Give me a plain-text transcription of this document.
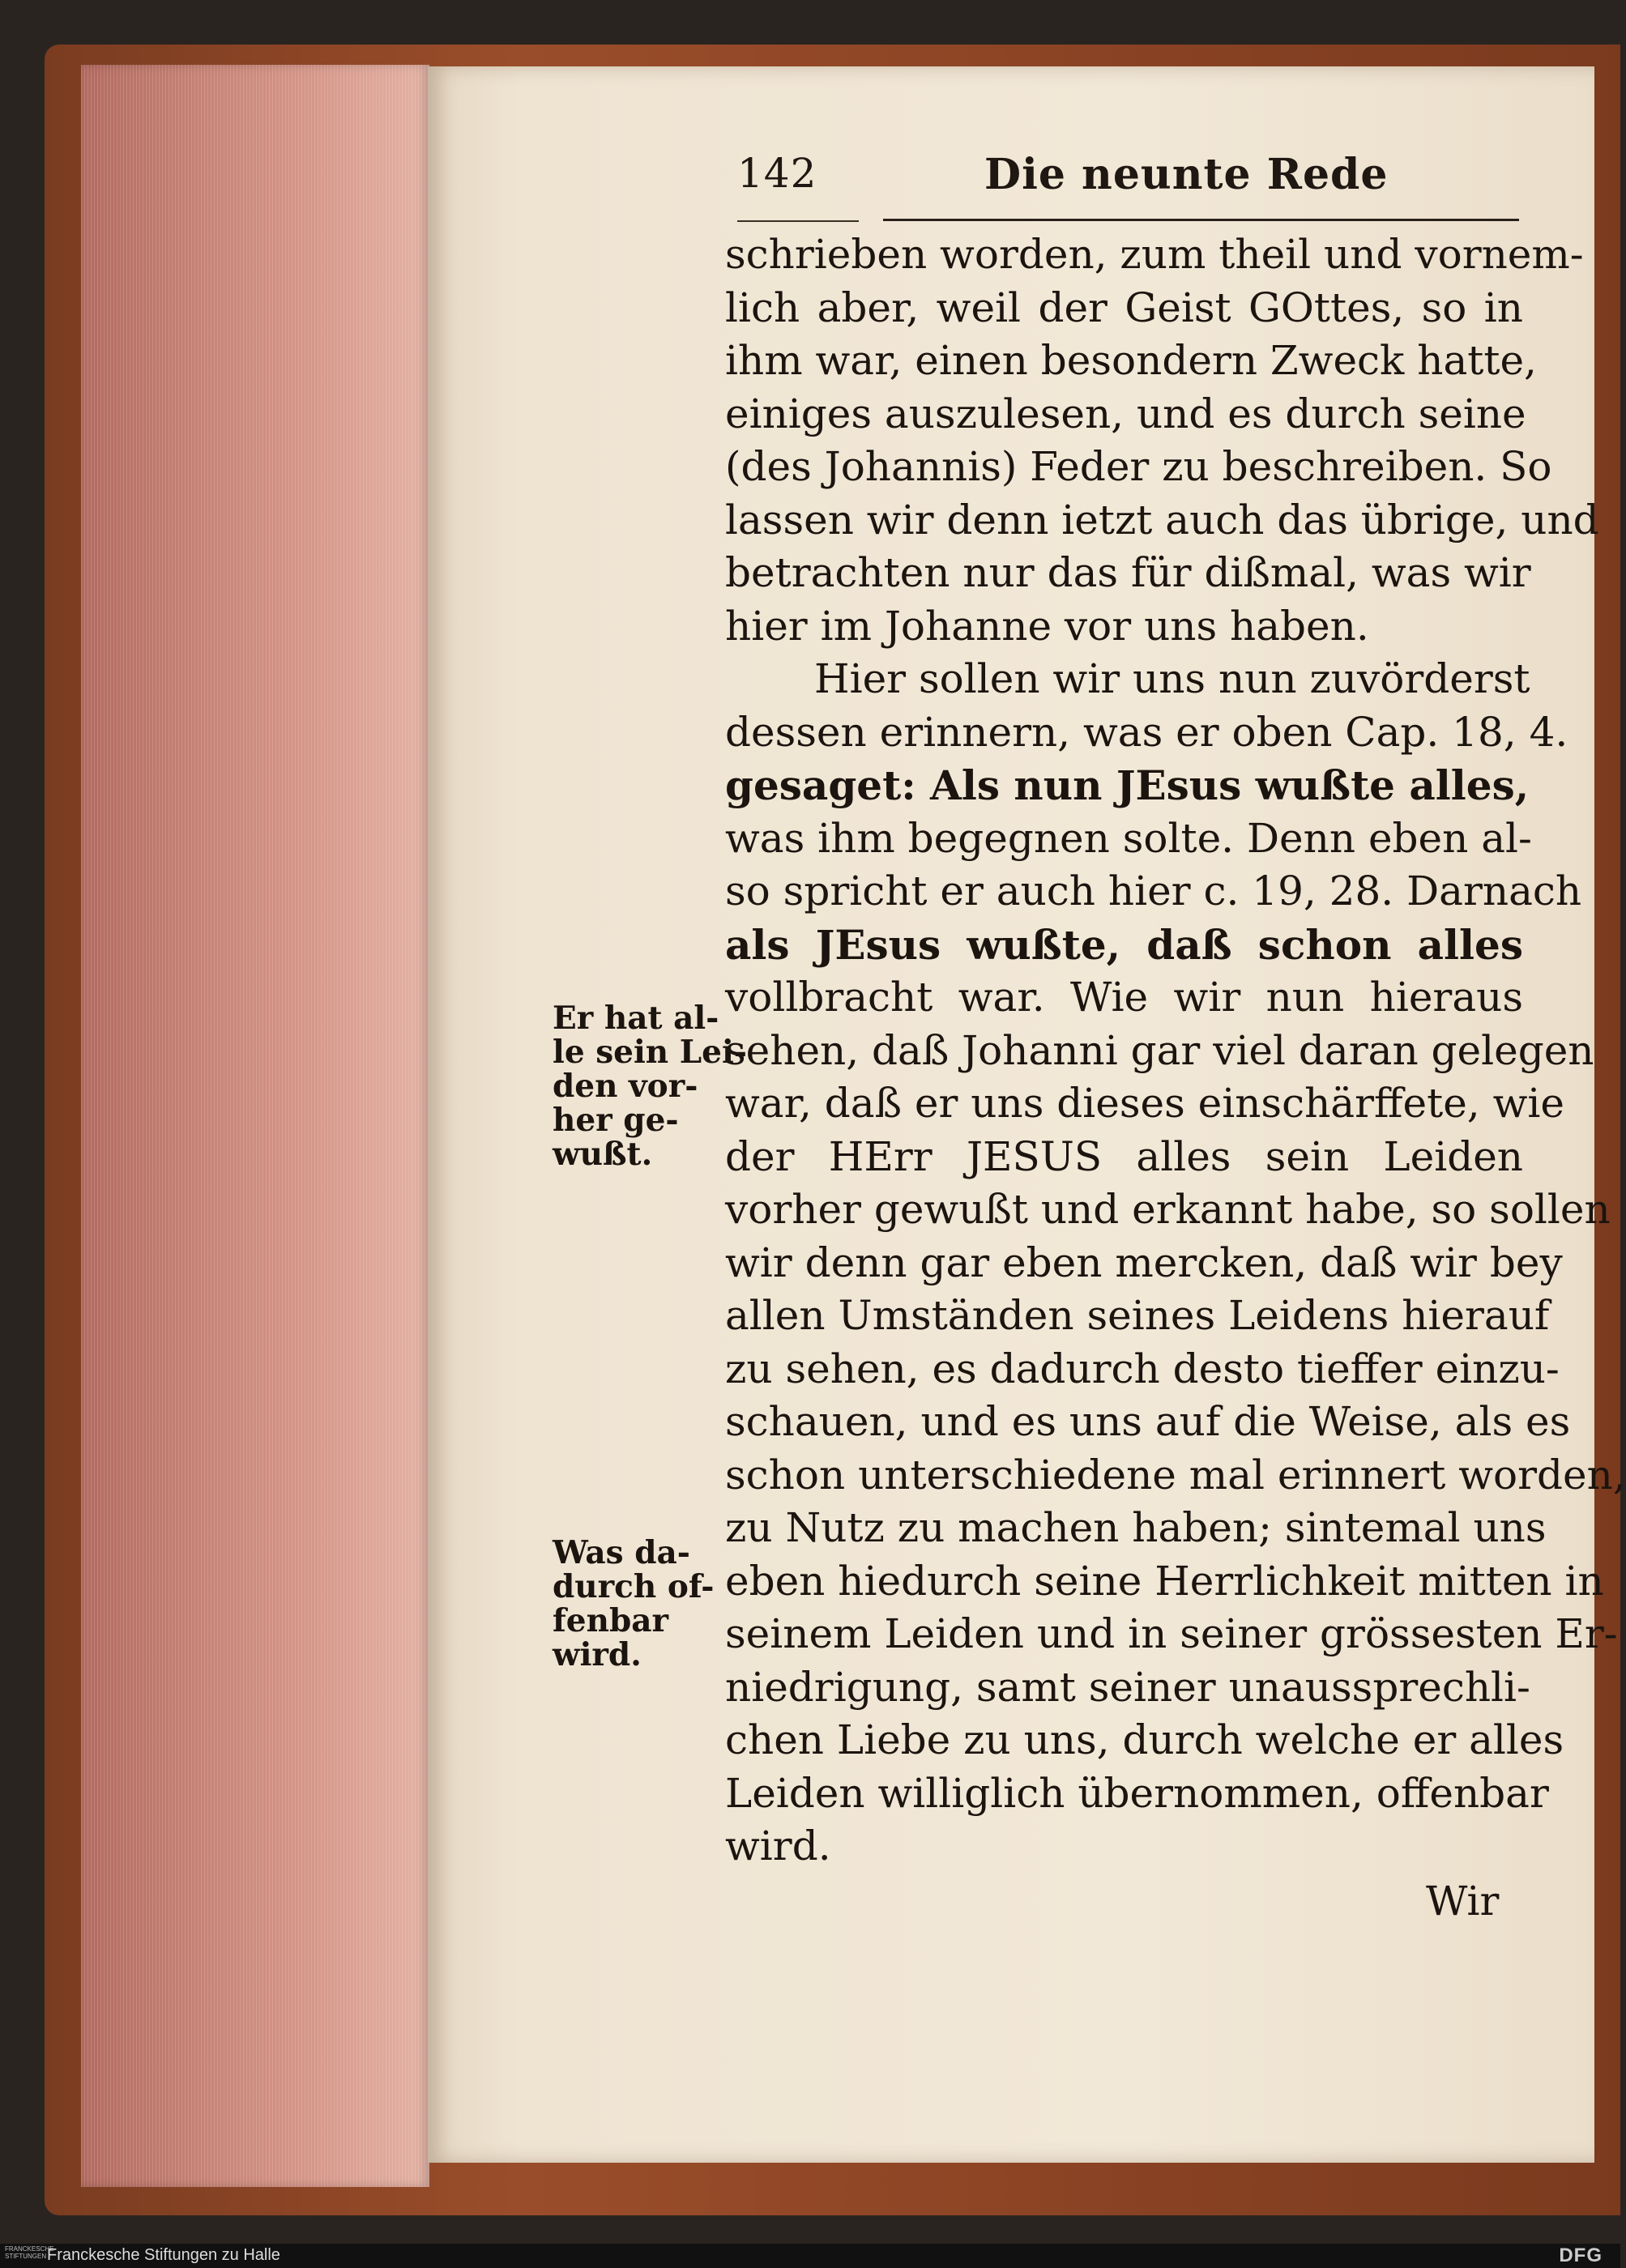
142	Die neunte Rede
schrieben worden, zum theil und vornem-
lich aber, weil der Geist GOttes, so in
ihm war, einen besondern Zweck hatte,
einiges auszulesen, und es durch seine
(des Johannis) Feder zu beschreiben. So
lassen wir denn ietzt auch das übrige, und
betrachten nur das für dißmal, was wir
hier im Johanne vor uns haben.
Hier sollen wir uns nun zuvörderst
dessen erinnern, was er oben Cap. 18, 4.
gesaget: Als nun JEsus wußte alles,
was ihm begegnen solte. Denn eben al-
so spricht er auch hier c. 19, 28. Darnach
als JEsus wußte, daß schon alles
vollbracht war. Wie wir nun hieraus
sehen, daß Johanni gar viel daran gelegen
war, daß er uns dieses einschärffete, wie
der HErr JESUS alles sein Leiden
vorher gewußt und erkannt habe, so sollen
wir denn gar eben mercken, daß wir bey
allen Umständen seines Leidens hierauf
zu sehen, es dadurch desto tieffer einzu-
schauen, und es uns auf die Weise, als es
schon unterschiedene mal erinnert worden,
zu Nutz zu machen haben; sintemal uns
eben hiedurch seine Herrlichkeit mitten in
seinem Leiden und in seiner grössesten Er-
niedrigung, samt seiner unaussprechli-
chen Liebe zu uns, durch welche er alles
Leiden williglich übernommen, offenbar
wird.
Wir
Er hat al-
le sein Lei-
den vor-
her ge-
wußt.
Was da-
durch of-
fenbar
wird.
FRANCKESCHE STIFTUNGEN Franckesche Stiftungen zu Halle	DFG
